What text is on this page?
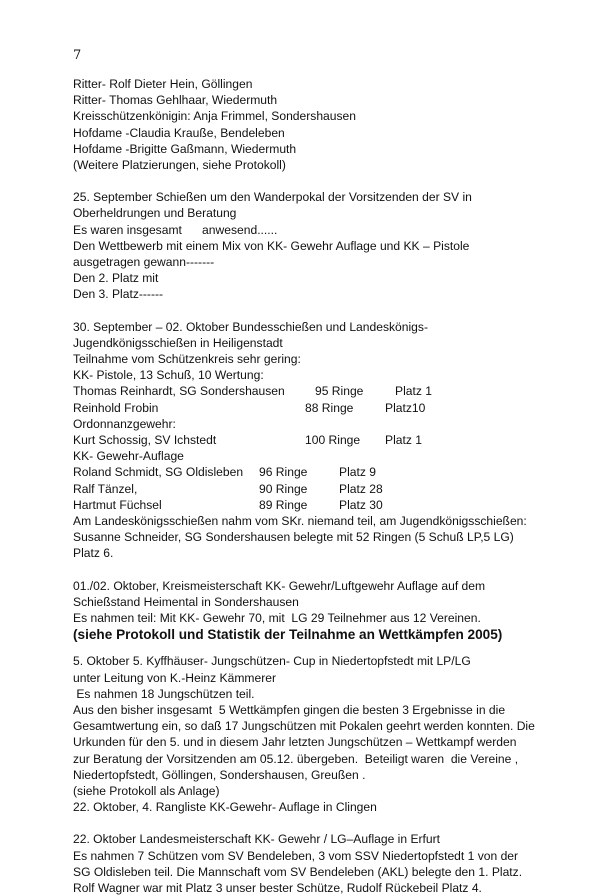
7
Ritter- Rolf Dieter Hein, Göllingen
Ritter- Thomas Gehlhaar, Wiedermuth
Kreisschützenkönigin: Anja Frimmel, Sondershausen
Hofdame -Claudia Krauße, Bendeleben
Hofdame -Brigitte Gaßmann, Wiedermuth
(Weitere Platzierungen, siehe Protokoll)
25. September Schießen um den Wanderpokal der Vorsitzenden der SV in
Oberheldrungen und Beratung
Es waren insgesamt      anwesend......
Den Wettbewerb mit einem Mix von KK- Gewehr Auflage und KK – Pistole
ausgetragen gewann-------
Den 2. Platz mit
Den 3. Platz------
30. September – 02. Oktober Bundesschießen und Landeskönigs-
Jugendkönigsschießen in Heiligenstadt
Teilnahme vom Schützenkreis sehr gering:
KK- Pistole, 13 Schuß, 10 Wertung:
Thomas Reinhardt, SG Sondershausen	95 Ringe	Platz 1
Reinhold Frobin	88 Ringe	Platz10
Ordonnanzgewehr:
Kurt Schossig, SV Ichstedt	100 Ringe	Platz 1
KK- Gewehr-Auflage
Roland Schmidt, SG Oldisleben	96 Ringe	Platz 9
Ralf Tänzel,	90 Ringe	Platz 28
Hartmut Füchsel	89 Ringe	Platz 30
Am Landeskönigsschießen nahm vom SKr. niemand teil, am Jugendkönigsschießen:
Susanne Schneider, SG Sondershausen belegte mit 52 Ringen (5 Schuß LP,5 LG)
Platz 6.
01./02. Oktober, Kreismeisterschaft KK- Gewehr/Luftgewehr Auflage auf dem
Schießstand Heimental in Sondershausen
Es nahmen teil: Mit KK- Gewehr 70, mit  LG 29 Teilnehmer aus 12 Vereinen.
(siehe Protokoll und Statistik der Teilnahme an Wettkämpfen 2005)
5. Oktober 5. Kyffhäuser- Jungschützen- Cup in Niedertopfstedt mit LP/LG
unter Leitung von K.-Heinz Kämmerer
Es nahmen 18 Jungschützen teil.
Aus den bisher insgesamt  5 Wettkämpfen gingen die besten 3 Ergebnisse in die
Gesamtwertung ein, so daß 17 Jungschützen mit Pokalen geehrt werden konnten. Die
Urkunden für den 5. und in diesem Jahr letzten Jungschützen – Wettkampf werden
zur Beratung der Vorsitzenden am 05.12. übergeben.  Beteiligt waren  die Vereine ,
Niedertopfstedt, Göllingen, Sondershausen, Greußen .
(siehe Protokoll als Anlage)
22. Oktober, 4. Rangliste KK-Gewehr- Auflage in Clingen
22. Oktober Landesmeisterschaft KK- Gewehr / LG–Auflage in Erfurt
Es nahmen 7 Schützen vom SV Bendeleben, 3 vom SSV Niedertopfstedt 1 von der
SG Oldisleben teil. Die Mannschaft vom SV Bendeleben (AKL) belegte den 1. Platz.
Rolf Wagner war mit Platz 3 unser bester Schütze, Rudolf Rückebeil Platz 4.
